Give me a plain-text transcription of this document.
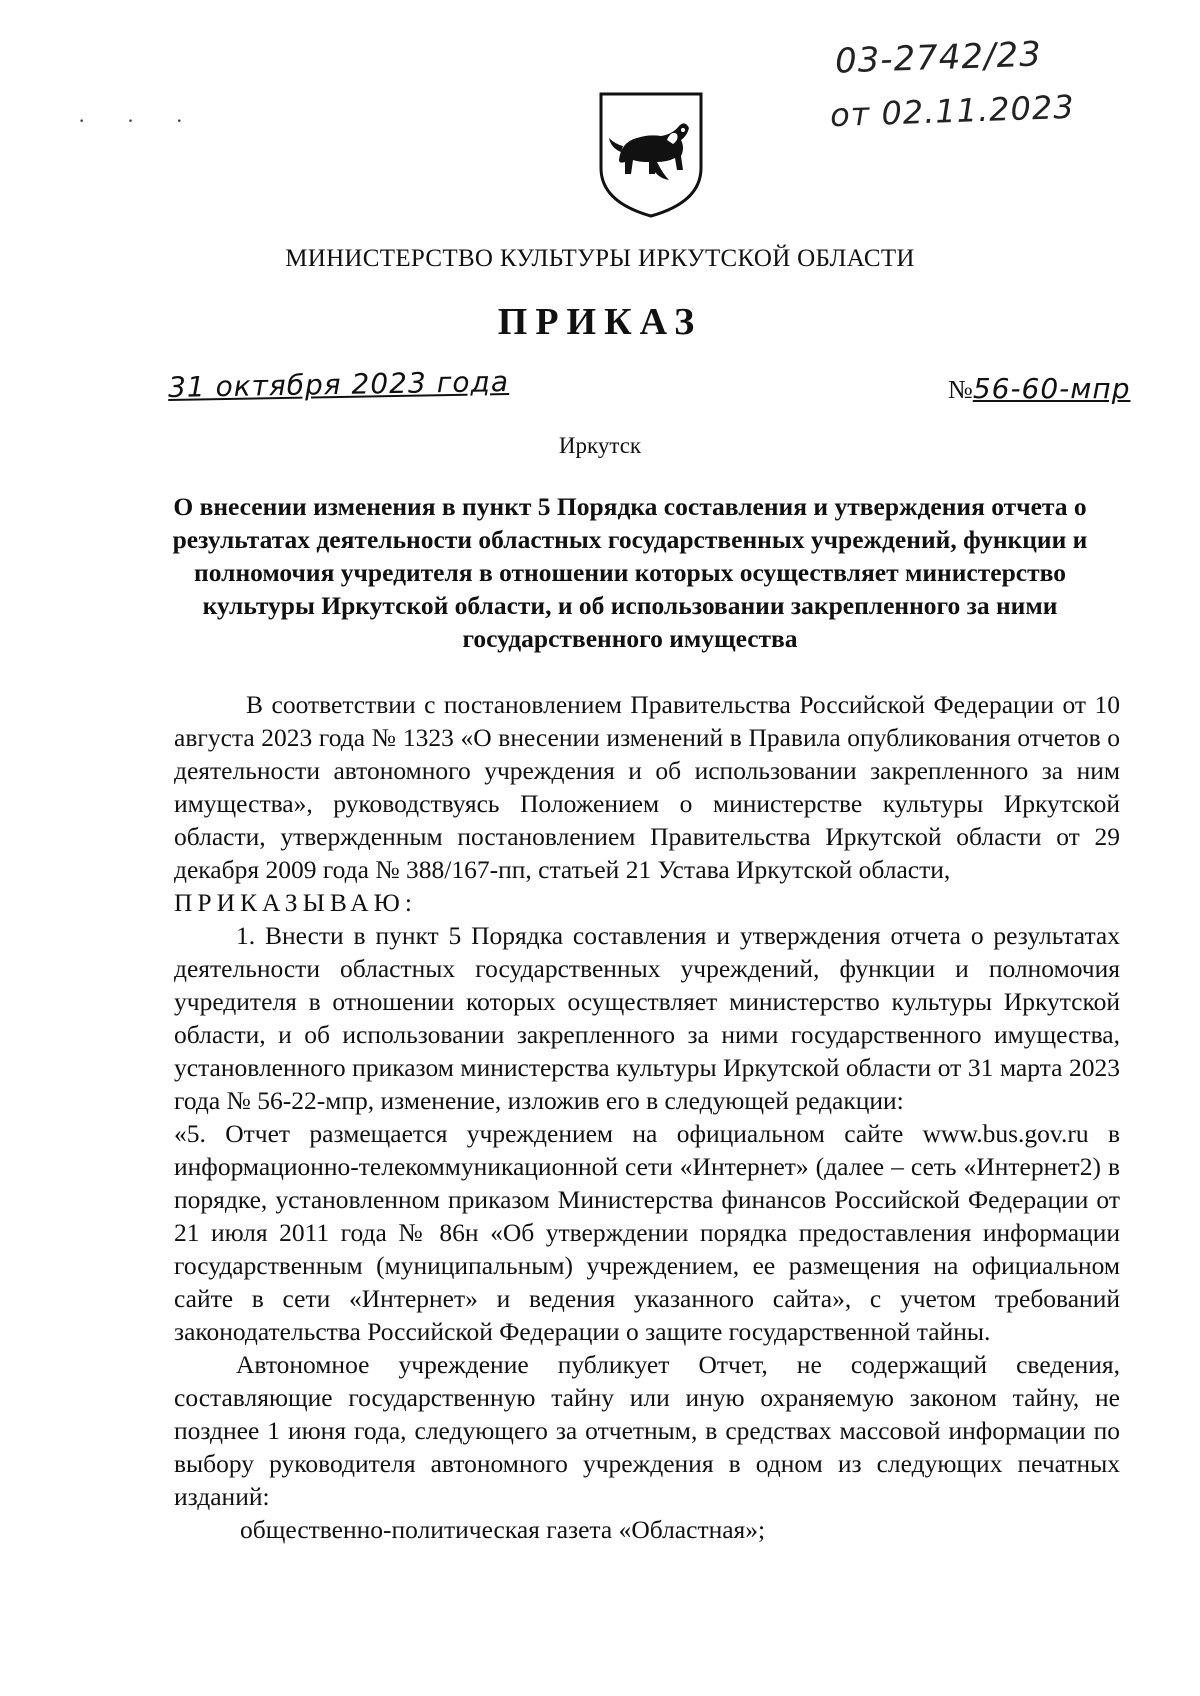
· · ·
03-2742/23
от 02.11.2023
МИНИСТЕРСТВО КУЛЬТУРЫ ИРКУТСКОЙ ОБЛАСТИ
ПРИКАЗ
31 октября 2023 года	№56-60-мпр
Иркутск
О внесении изменения в пункт 5 Порядка составления и утверждения отчета о результатах деятельности областных государственных учреждений, функции и полномочия учредителя в отношении которых осуществляет министерство культуры Иркутской области, и об использовании закрепленного за ними государственного имущества

В соответствии с постановлением Правительства Российской Федерации от 10 августа 2023 года № 1323 «О внесении изменений в Правила опубликования отчетов о деятельности автономного учреждения и об использовании закрепленного за ним имущества», руководствуясь Положением о министерстве культуры Иркутской области, утвержденным постановлением Правительства Иркутской области от 29 декабря 2009 года № 388/167-пп, статьей 21 Устава Иркутской области,

ПРИКАЗЫВАЮ:

1. Внести в пункт 5 Порядка составления и утверждения отчета о результатах деятельности областных государственных учреждений, функции и полномочия учредителя в отношении которых осуществляет министерство культуры Иркутской области, и об использовании закрепленного за ними государственного имущества, установленного приказом министерства культуры Иркутской области от 31 марта 2023 года № 56-22-мпр, изменение, изложив его в следующей редакции:

«5. Отчет размещается учреждением на официальном сайте www.bus.gov.ru в информационно-телекоммуникационной сети «Интернет» (далее – сеть «Интернет2) в порядке, установленном приказом Министерства финансов Российской Федерации от 21 июля 2011 года № 86н «Об утверждении порядка предоставления информации государственным (муниципальным) учреждением, ее размещения на официальном сайте в сети «Интернет» и ведения указанного сайта», с учетом требований законодательства Российской Федерации о защите государственной тайны.

Автономное учреждение публикует Отчет, не содержащий сведения, составляющие государственную тайну или иную охраняемую законом тайну, не позднее 1 июня года, следующего за отчетным, в средствах массовой информации по выбору руководителя автономного учреждения в одном из следующих печатных изданий:

общественно-политическая газета «Областная»;
